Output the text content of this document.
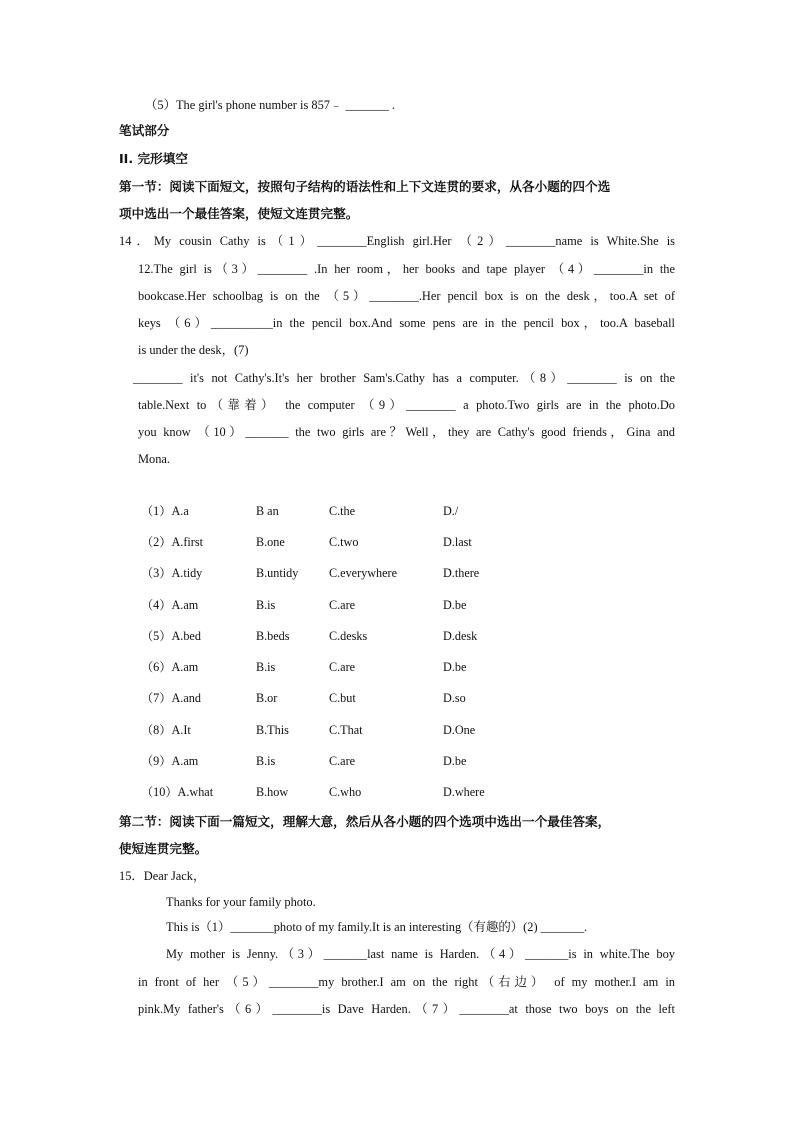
（5）The girl's phone number is 857﹣ _______ .
笔试部分
II. 完形填空
第一节：阅读下面短文，按照句子结构的语法性和上下文连贯的要求，从各小题的四个选
项中选出一个最佳答案，使短文连贯完整。
14．My cousin Cathy is（1）________English girl.Her （2）________name is White.She is
12.The girl is（3）________ .In her room，her books and tape player （4）________in the
bookcase.Her schoolbag is on the （5）________.Her pencil box is on the desk，too.A set of
keys （6）__________in the pencil box.And some pens are in the pencil box，too.A baseball
is under the desk，(7)
________ it's not Cathy's.It's her brother Sam's.Cathy has a computer.（8）________ is on the
table.Next to（靠着） the computer （9）________ a photo.Two girls are in the photo.Do
you know （10）_______ the two girls are？Well，they are Cathy's good friends，Gina and
Mona.
（1）A.a	B an	C.the	D./
（2）A.first	B.one	C.two	D.last
（3）A.tidy	B.untidy	C.everywhere	D.there
（4）A.am	B.is	C.are	D.be
（5）A.bed	B.beds	C.desks	D.desk
（6）A.am	B.is	C.are	D.be
（7）A.and	B.or	C.but	D.so
（8）A.It	B.This	C.That	D.One
（9）A.am	B.is	C.are	D.be
（10）A.what	B.how	C.who	D.where
第二节：阅读下面一篇短文，理解大意，然后从各小题的四个选项中选出一个最佳答案，
使短连贯完整。
15．Dear Jack，
Thanks for your family photo.
This is（1）_______photo of my family.It is an interesting（有趣的）(2) _______.
My mother is Jenny.（3）_______last name is Harden.（4）_______is in white.The boy
in front of her （5）________my brother.I am on the right（右边） of my mother.I am in
pink.My father's（6）________is Dave Harden.（7）________at those two boys on the left
